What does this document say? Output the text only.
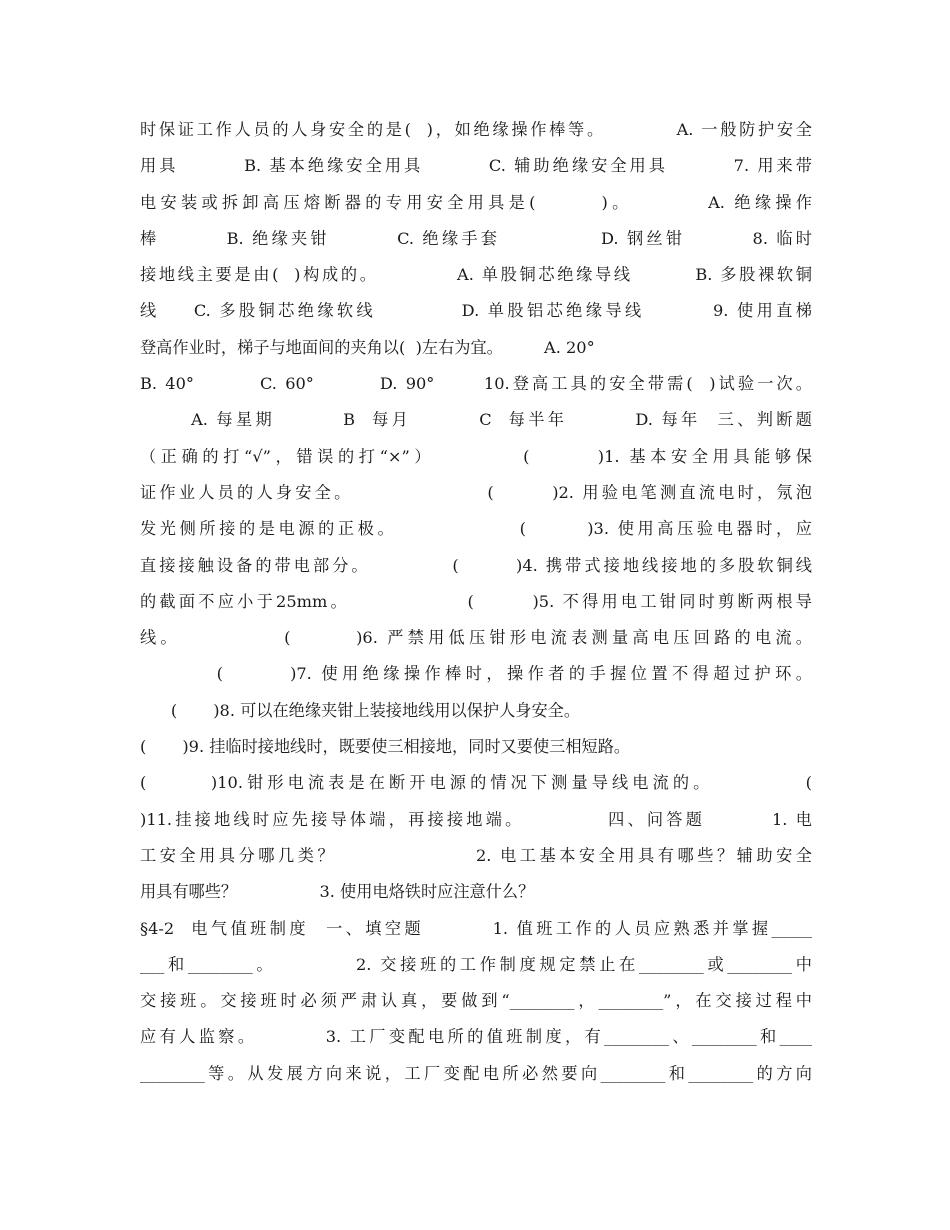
时保证工作人员的人身安全的是(  )，如绝缘操作棒等。         A. 一般防护安全
用具        B. 基本绝缘安全用具        C. 辅助绝缘安全用具        7. 用来带
电安装或拆卸高压熔断器的专用安全用具是(       )。        A. 绝缘操作
棒        B. 绝缘夹钳        C. 绝缘手套            D. 钢丝钳        8. 临时
接地线主要是由(  )构成的。          A. 单股铜芯绝缘导线        B. 多股裸软铜
线    C. 多股铜芯绝缘软线          D. 单股铝芯绝缘导线        9. 使用直梯
登高作业时，梯子与地面间的夹角以(  )左右为宜。        A. 20°
B. 40°        C. 60°        D. 90°      10.登高工具的安全带需(  )试验一次。
A. 每星期        B  每月        C  每半年        D. 每年  三、判断题
（正确的打“√”，错误的打“×”）         (       )1. 基本安全用具能够保
证作业人员的人身安全。                (       )2. 用验电笔测直流电时，氖泡
发光侧所接的是电源的正极。              (       )3. 使用高压验电器时，应
直接接触设备的带电部分。          (       )4. 携带式接地线接地的多股软铜线
的截面不应小于25mm。              (       )5. 不得用电工钳同时剪断两根导
线。           (       )6. 严禁用低压钳形电流表测量高电压回路的电流。
(       )7. 使用绝缘操作棒时，操作者的手握位置不得超过护环。
(       )8. 可以在绝缘夹钳上装接地线用以保护人身安全。
(       )9. 挂临时接地线时，既要使三相接地，同时又要使三相短路。
(       )10.钳形电流表是在断开电源的情况下测量导线电流的。          (
)11.挂接地线时应先接导体端，再接接地端。          四、问答题        1. 电
工安全用具分哪几类？                2. 电工基本安全用具有哪些？辅助安全
用具有哪些？                3. 使用电烙铁时应注意什么？
§4-2  电气值班制度  一、填空题        1. 值班工作的人员应熟悉并掌握_____
___和________。         2. 交接班的工作制度规定禁止在________或________中
交接班。交接班时必须严肃认真，要做到“________，________”，在交接过程中
应有人监察。        3. 工厂变配电所的值班制度，有________、________和____
________等。从发展方向来说，工厂变配电所必然要向________和________的方向
